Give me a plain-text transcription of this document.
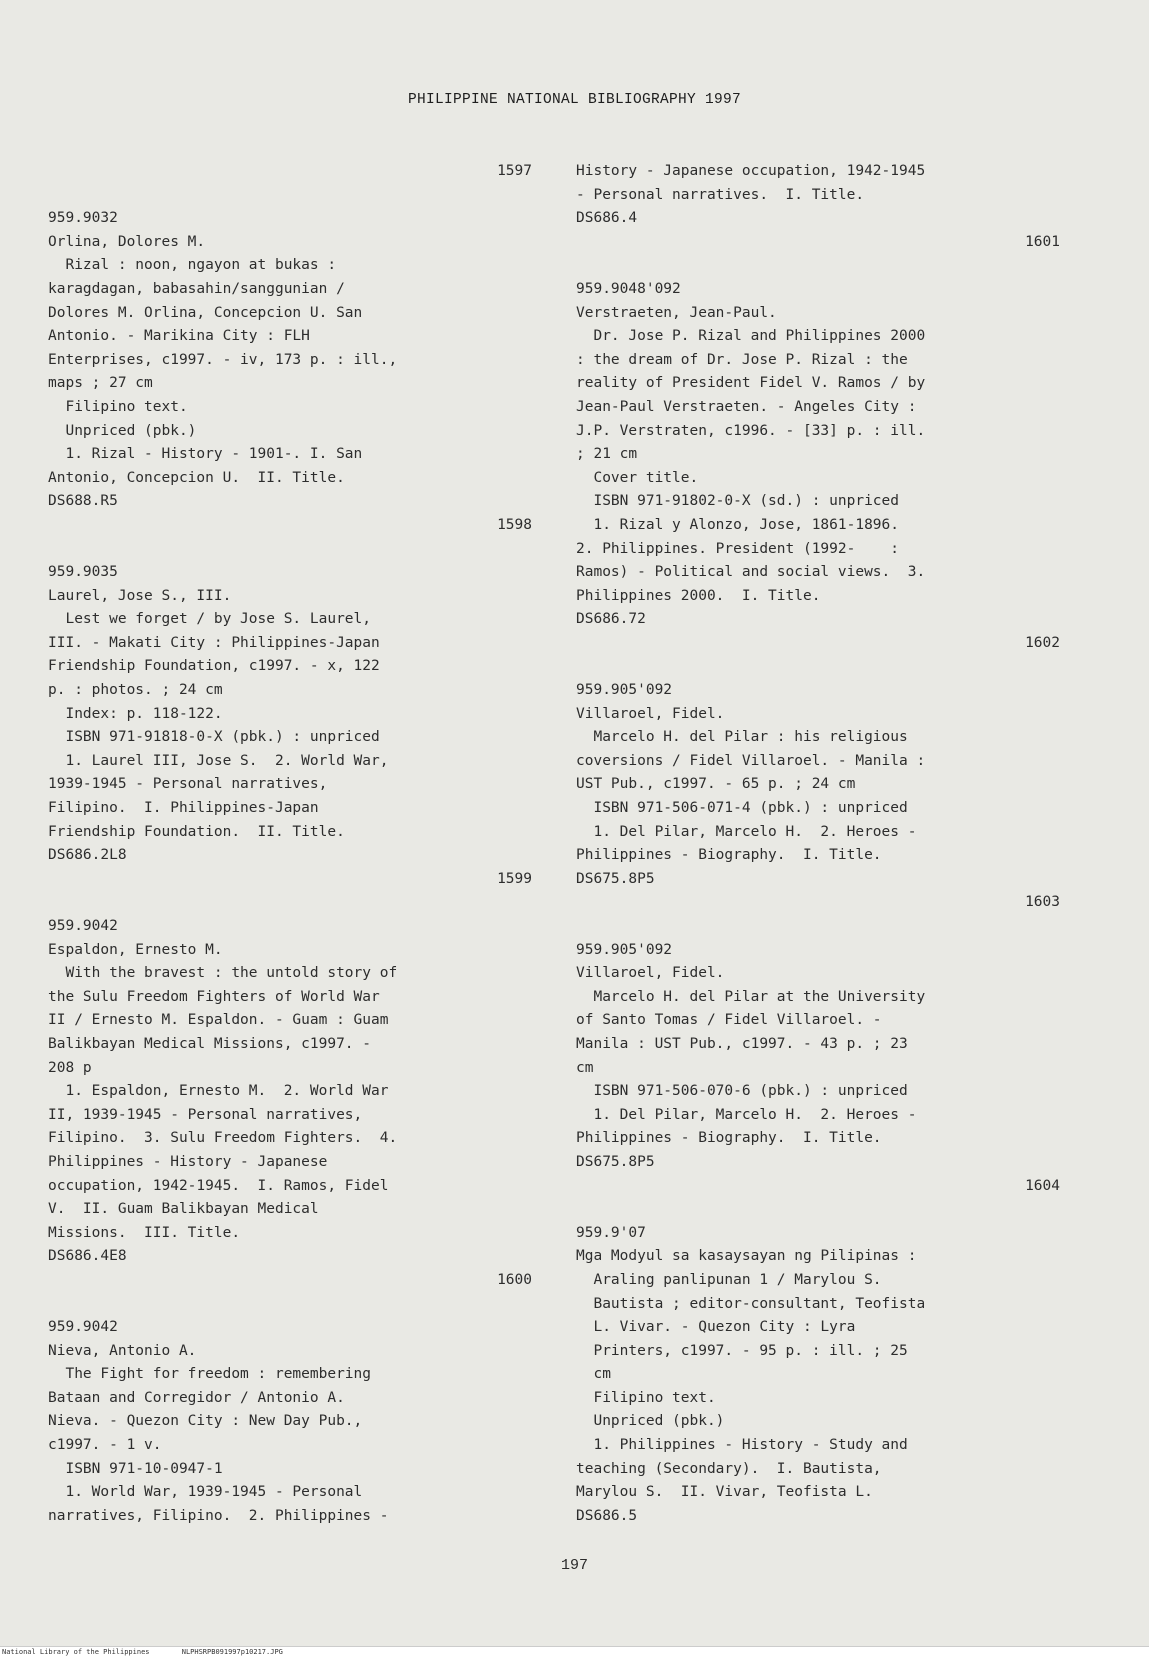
PHILIPPINE NATIONAL BIBLIOGRAPHY 1997
1597

959.9032
Orlina, Dolores M.
Rizal : noon, ngayon at bukas :
karagdagan, babasahin/sanggunian /
Dolores M. Orlina, Concepcion U. San
Antonio. - Marikina City : FLH
Enterprises, c1997. - iv, 173 p. : ill.,
maps ; 27 cm
Filipino text.
Unpriced (pbk.)
1. Rizal - History - 1901-. I. San
Antonio, Concepcion U.  II. Title.
DS688.R5
1598

959.9035
Laurel, Jose S., III.
Lest we forget / by Jose S. Laurel,
III. - Makati City : Philippines-Japan
Friendship Foundation, c1997. - x, 122
p. : photos. ; 24 cm
Index: p. 118-122.
ISBN 971-91818-0-X (pbk.) : unpriced
1. Laurel III, Jose S.  2. World War,
1939-1945 - Personal narratives,
Filipino.  I. Philippines-Japan
Friendship Foundation.  II. Title.
DS686.2L8
1599

959.9042
Espaldon, Ernesto M.
With the bravest : the untold story of
the Sulu Freedom Fighters of World War
II / Ernesto M. Espaldon. - Guam : Guam
Balikbayan Medical Missions, c1997. -
208 p
1. Espaldon, Ernesto M.  2. World War
II, 1939-1945 - Personal narratives,
Filipino.  3. Sulu Freedom Fighters.  4.
Philippines - History - Japanese
occupation, 1942-1945.  I. Ramos, Fidel
V.  II. Guam Balikbayan Medical
Missions.  III. Title.
DS686.4E8
1600

959.9042
Nieva, Antonio A.
The Fight for freedom : remembering
Bataan and Corregidor / Antonio A.
Nieva. - Quezon City : New Day Pub.,
c1997. - 1 v.
ISBN 971-10-0947-1
1. World War, 1939-1945 - Personal
narratives, Filipino.  2. Philippines -
History - Japanese occupation, 1942-1945
- Personal narratives.  I. Title.
DS686.4
1601

959.9048'092
Verstraeten, Jean-Paul.
Dr. Jose P. Rizal and Philippines 2000
: the dream of Dr. Jose P. Rizal : the
reality of President Fidel V. Ramos / by
Jean-Paul Verstraeten. - Angeles City :
J.P. Verstraten, c1996. - [33] p. : ill.
; 21 cm
Cover title.
ISBN 971-91802-0-X (sd.) : unpriced
1. Rizal y Alonzo, Jose, 1861-1896.
2. Philippines. President (1992-    :
Ramos) - Political and social views.  3.
Philippines 2000.  I. Title.
DS686.72
1602

959.905'092
Villarоel, Fidel.
Marcelo H. del Pilar : his religious
coversions / Fidel Villaroel. - Manila :
UST Pub., c1997. - 65 p. ; 24 cm
ISBN 971-506-071-4 (pbk.) : unpriced
1. Del Pilar, Marcelo H.  2. Heroes -
Philippines - Biography.  I. Title.
DS675.8P5
1603

959.905'092
Villaroel, Fidel.
Marcelo H. del Pilar at the University
of Santo Tomas / Fidel Villaroel. -
Manila : UST Pub., c1997. - 43 p. ; 23
cm
ISBN 971-506-070-6 (pbk.) : unpriced
1. Del Pilar, Marcelo H.  2. Heroes -
Philippines - Biography.  I. Title.
DS675.8P5
1604

959.9'07
Mga Modyul sa kasaysayan ng Pilipinas :
Araling panlipunan 1 / Marylou S.
Bautista ; editor-consultant, Teofista
L. Vivar. - Quezon City : Lyra
Printers, c1997. - 95 p. : ill. ; 25
cm
Filipino text.
Unpriced (pbk.)
1. Philippines - History - Study and
teaching (Secondary).  I. Bautista,
Marylou S.  II. Vivar, Teofista L.
DS686.5
197
National Library of the Philippines	NLPHSRPB091997p10217.JPG
